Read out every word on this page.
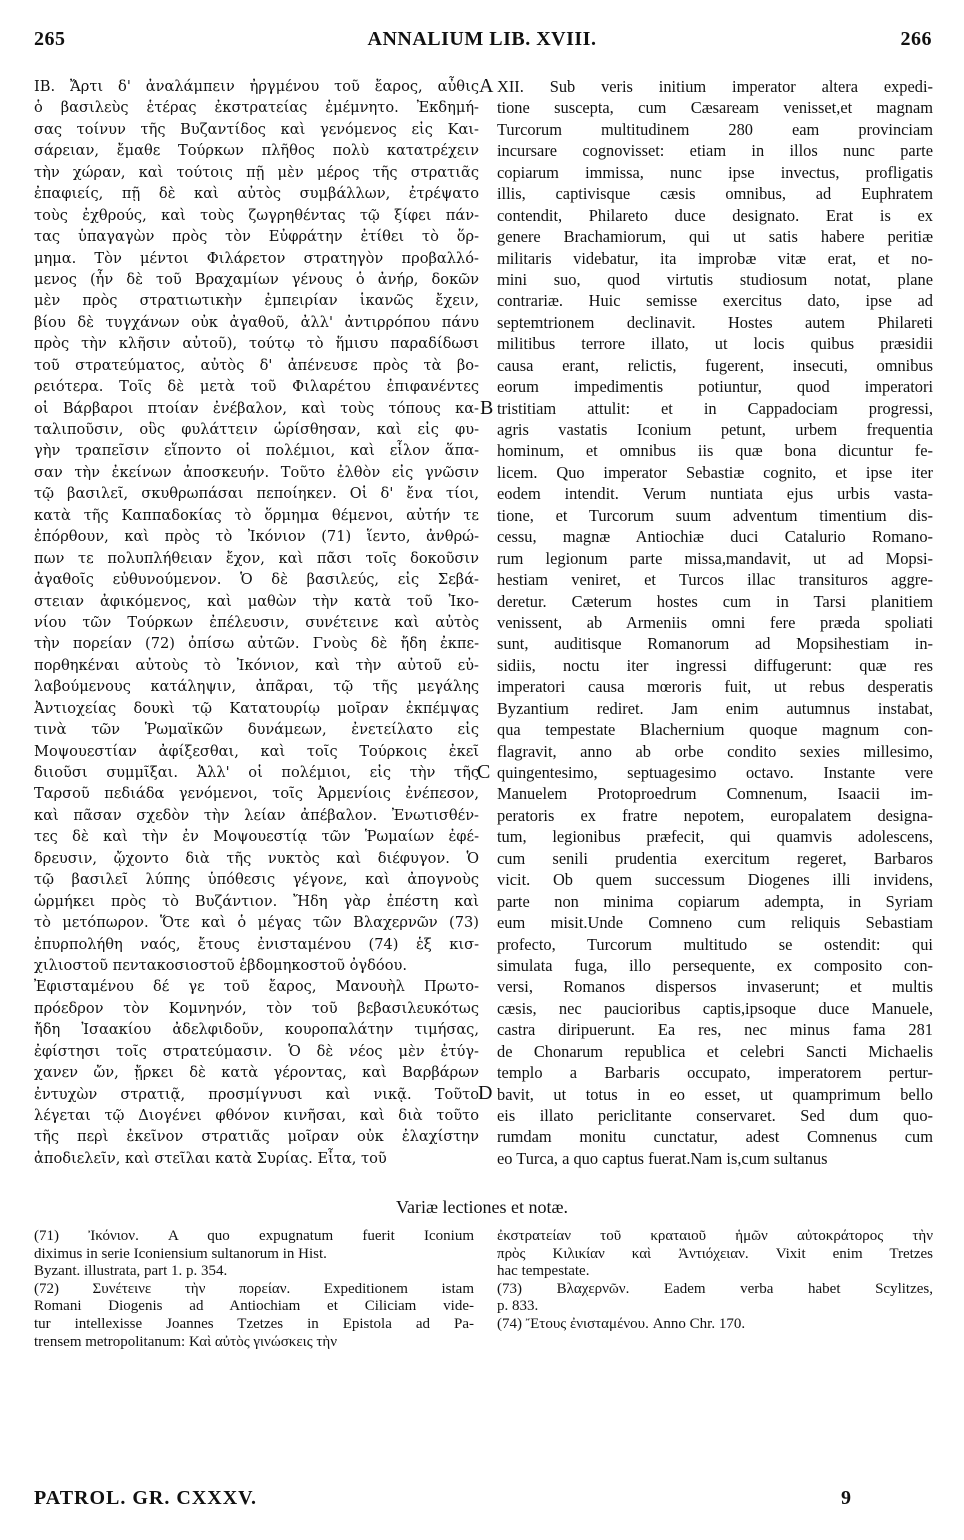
265	ANNALIUM LIB. XVIII.	266
ΙΒ. Ἄρτι δ' ἀναλάμπειν ἠργμένου τοῦ ἔαρος, αὖθις
ὁ βασιλεὺς ἑτέρας ἐκστρατείας ἐμέμνητο. Ἐκδημή-
σας τοίνυν τῆς Βυζαντίδος καὶ γενόμενος εἰς Και-
σάρειαν, ἔμαθε Τούρκων πλῆθος πολὺ κατατρέχειν
τὴν χώραν, καὶ τούτοις πῇ μὲν μέρος τῆς στρατιᾶς
ἐπαφιείς, πῇ δὲ καὶ αὐτὸς συμβάλλων, ἐτρέψατο
τοὺς ἐχθρούς, καὶ τοὺς ζωγρηθέντας τῷ ξίφει πάν-
τας ὑπαγαγὼν πρὸς τὸν Εὐφράτην ἐτίθει τὸ ὅρ-
μημα. Τὸν μέντοι Φιλάρετον στρατηγὸν προβαλλό-
μενος (ἦν δὲ τοῦ Βραχαμίων γένους ὁ ἀνήρ, δοκῶν
μὲν πρὸς στρατιωτικὴν ἐμπειρίαν ἱκανῶς ἔχειν,
βίου δὲ τυγχάνων οὐκ ἀγαθοῦ, ἀλλ' ἀντιρρόπου πάνυ
πρὸς τὴν κλῆσιν αὐτοῦ), τούτῳ τὸ ἥμισυ παραδίδωσι
τοῦ στρατεύματος, αὐτὸς δ' ἀπένευσε πρὸς τὰ βο-
ρειότερα. Τοῖς δὲ μετὰ τοῦ Φιλαρέτου ἐπιφανέντες
οἱ Βάρβαροι πτοίαν ἐνέβαλον, καὶ τοὺς τόπους κα-
ταλιποῦσιν, οὓς φυλάττειν ὡρίσθησαν, καὶ εἰς φυ-
γὴν τραπεῖσιν εἵποντο οἱ πολέμιοι, καὶ εἷλον ἅπα-
σαν τὴν ἐκείνων ἀποσκευήν. Τοῦτο ἐλθὸν εἰς γνῶσιν
τῷ βασιλεῖ, σκυθρωπάσαι πεποίηκεν. Οἱ δ' ἔνα τίοι,
κατὰ τῆς Καππαδοκίας τὸ ὅρμημα θέμενοι, αὐτήν τε
ἐπόρθουν, καὶ πρὸς τὸ Ἰκόνιον (71) ἵεντο, ἀνθρώ-
πων τε πολυπλήθειαν ἔχον, καὶ πᾶσι τοῖς δοκοῦσιν
ἀγαθοῖς εὐθυνούμενον. Ὁ δὲ βασιλεύς, εἰς Σεβά-
στειαν ἀφικόμενος, καὶ μαθὼν τὴν κατὰ τοῦ Ἰκο-
νίου τῶν Τούρκων ἐπέλευσιν, συνέτεινε καὶ αὐτὸς
τὴν πορείαν (72) ὀπίσω αὐτῶν. Γνοὺς δὲ ἤδη ἐκπε-
πορθηκέναι αὐτοὺς τὸ Ἰκόνιον, καὶ τὴν αὐτοῦ εὐ-
λαβούμενους κατάληψιν, ἀπᾶραι, τῷ τῆς μεγάλης
Ἀντιοχείας δουκὶ τῷ Κατατουρίῳ μοῖραν ἐκπέμψας
τινὰ τῶν Ῥωμαϊκῶν δυνάμεων, ἐνετείλατο εἰς
Μοψουεστίαν ἀφίξεσθαι, καὶ τοῖς Τούρκοις ἐκεῖ
διιοῦσι συμμῖξαι. Ἀλλ' οἱ πολέμιοι, εἰς τὴν τῆς
Ταρσοῦ πεδιάδα γενόμενοι, τοῖς Ἀρμενίοις ἐνέπεσον,
καὶ πᾶσαν σχεδὸν τὴν λείαν ἀπέβαλον. Ἐνωτισθέν-
τες δὲ καὶ τὴν ἐν Μοψουεστίᾳ τῶν Ῥωμαίων ἐφέ-
δρευσιν, ᾤχοντο διὰ τῆς νυκτὸς καὶ διέφυγον. Ὁ
τῷ βασιλεῖ λύπης ὑπόθεσις γέγονε, καὶ ἀπογνοὺς
ὡρμήκει πρὸς τὸ Βυζάντιον. Ἤδη γὰρ ἐπέστη καὶ
τὸ μετόπωρον. Ὅτε καὶ ὁ μέγας τῶν Βλαχερνῶν (73)
ἐπυρπολήθη ναός, ἔτους ἐνισταμένου (74) ἑξ κισ-
χιλιοστοῦ πεντακοσιοστοῦ ἑβδομηκοστοῦ ὀγδόου.
Ἐφισταμένου δέ γε τοῦ ἔαρος, Μανουὴλ Πρωτο-
πρόεδρον τὸν Κομνηνόν, τὸν τοῦ βεβασιλευκότως
ἤδη Ἰσαακίου ἀδελφιδοῦν, κουροπαλάτην τιμήσας,
ἐφίστησι τοῖς στρατεύμασιν. Ὁ δὲ νέος μὲν ἐτύγ-
χανεν ὤν, ᾔρκει δὲ κατὰ γέροντας, καὶ Βαρβάρων
ἐντυχὼν στρατιᾷ, προσμίγνυσι καὶ νικᾷ. Τοῦτο
λέγεται τῷ Διογένει φθόνον κινῆσαι, καὶ διὰ τοῦτο
τῆς περὶ ἐκεῖνον στρατιᾶς μοῖραν οὐκ ἐλαχίστην
ἀποδιελεῖν, καὶ στεῖλαι κατὰ Συρίας. Εἶτα, τοῦ
XII. Sub veris initium imperator altera expedi-
tione suscepta, cum Cæsaream venisset,et magnam
Turcorum multitudinem 280 eam provinciam
incursare cognovisset: etiam in illos nunc parte
copiarum immissa, nunc ipse invectus, profligatis
illis, captivisque cæsis omnibus, ad Euphratem
contendit, Philareto duce designato. Erat is ex
genere Brachamiorum, qui ut satis habere peritiæ
militaris videbatur, ita improbæ vitæ erat, et no-
mini suo, quod virtutis studiosum notat, plane
contrariæ. Huic semisse exercitus dato, ipse ad
septemtrionem declinavit. Hostes autem Philareti
militibus terrore illato, ut locis quibus præsidii
causa erant, relictis, fugerent, insecuti, omnibus
eorum impedimentis potiuntur, quod imperatori
tristitiam attulit: et in Cappadociam progressi,
agris vastatis Iconium petunt, urbem frequentia
hominum, et omnibus iis quæ bona dicuntur fe-
licem. Quo imperator Sebastiæ cognito, et ipse iter
eodem intendit. Verum nuntiata ejus urbis vasta-
tione, et Turcorum suum adventum timentium dis-
cessu, magnæ Antiochiæ duci Catalurio Romano-
rum legionum parte missa,mandavit, ut ad Mopsi-
hestiam veniret, et Turcos illac transituros aggre-
deretur. Cæterum hostes cum in Tarsi planitiem
venissent, ab Armeniis omni fere præda spoliati
sunt, auditisque Romanorum ad Mopsihestiam in-
sidiis, noctu iter ingressi diffugerunt: quæ res
imperatori causa mœroris fuit, ut rebus desperatis
Byzantium rediret. Jam enim autumnus instabat,
qua tempestate Blachernium quoque magnum con-
flagravit, anno ab orbe condito sexies millesimo,
quingentesimo, septuagesimo octavo. Instante vere
Manuelem Protoproedrum Comnenum, Isaacii im-
peratoris ex fratre nepotem, europalatem designa-
tum, legionibus præfecit, qui quamvis adolescens,
cum senili prudentia exercitum regeret, Barbaros
vicit. Ob quem successum Diogenes illi invidens,
parte non minima copiarum adempta, in Syriam
eum misit.Unde Comneno cum reliquis Sebastiam
profecto, Turcorum multitudo se ostendit: qui
simulata fuga, illo persequente, ex composito con-
versi, Romanos dispersos invaserunt; et multis
cæsis, nec paucioribus captis,ipsoque duce Manuele,
castra diripuerunt. Ea res, nec minus fama 281
de Chonarum republica et celebri Sancti Michaelis
templo a Barbaris occupato, imperatorem pertur-
bavit, ut totus in eo esset, ut quamprimum bello
eis illato periclitante conservaret. Sed dum quo-
rumdam monitu cunctatur, adest Comnenus cum
eo Turca, a quo captus fuerat.Nam is,cum sultanus
A
B
C
D
Variæ lectiones et notæ.
(71) Ἰκόνιον. A quo expugnatum fuerit Iconium
diximus in serie Iconiensium sultanorum in Hist.
Byzant. illustrata, part 1. p. 354.
(72) Συνέτεινε τὴν πορείαν. Expeditionem istam
Romani Diogenis ad Antiochiam et Ciliciam vide-
tur intellexisse Joannes Tzetzes in Epistola ad Pa-
trensem metropolitanum: Καὶ αὐτὸς γινώσκεις τὴν
ἐκστρατείαν τοῦ κραταιοῦ ἡμῶν αὐτοκράτορος τὴν
πρὸς Κιλικίαν καὶ Ἀντιόχειαν. Vixit enim Tretzes
hac tempestate.
(73) Βλαχερνῶν. Eadem verba habet Scylitzes,
p. 833.
(74) Ἔτους ἐνισταμένου. Anno Chr. 170.
PATROL. GR. CXXXV.	9
